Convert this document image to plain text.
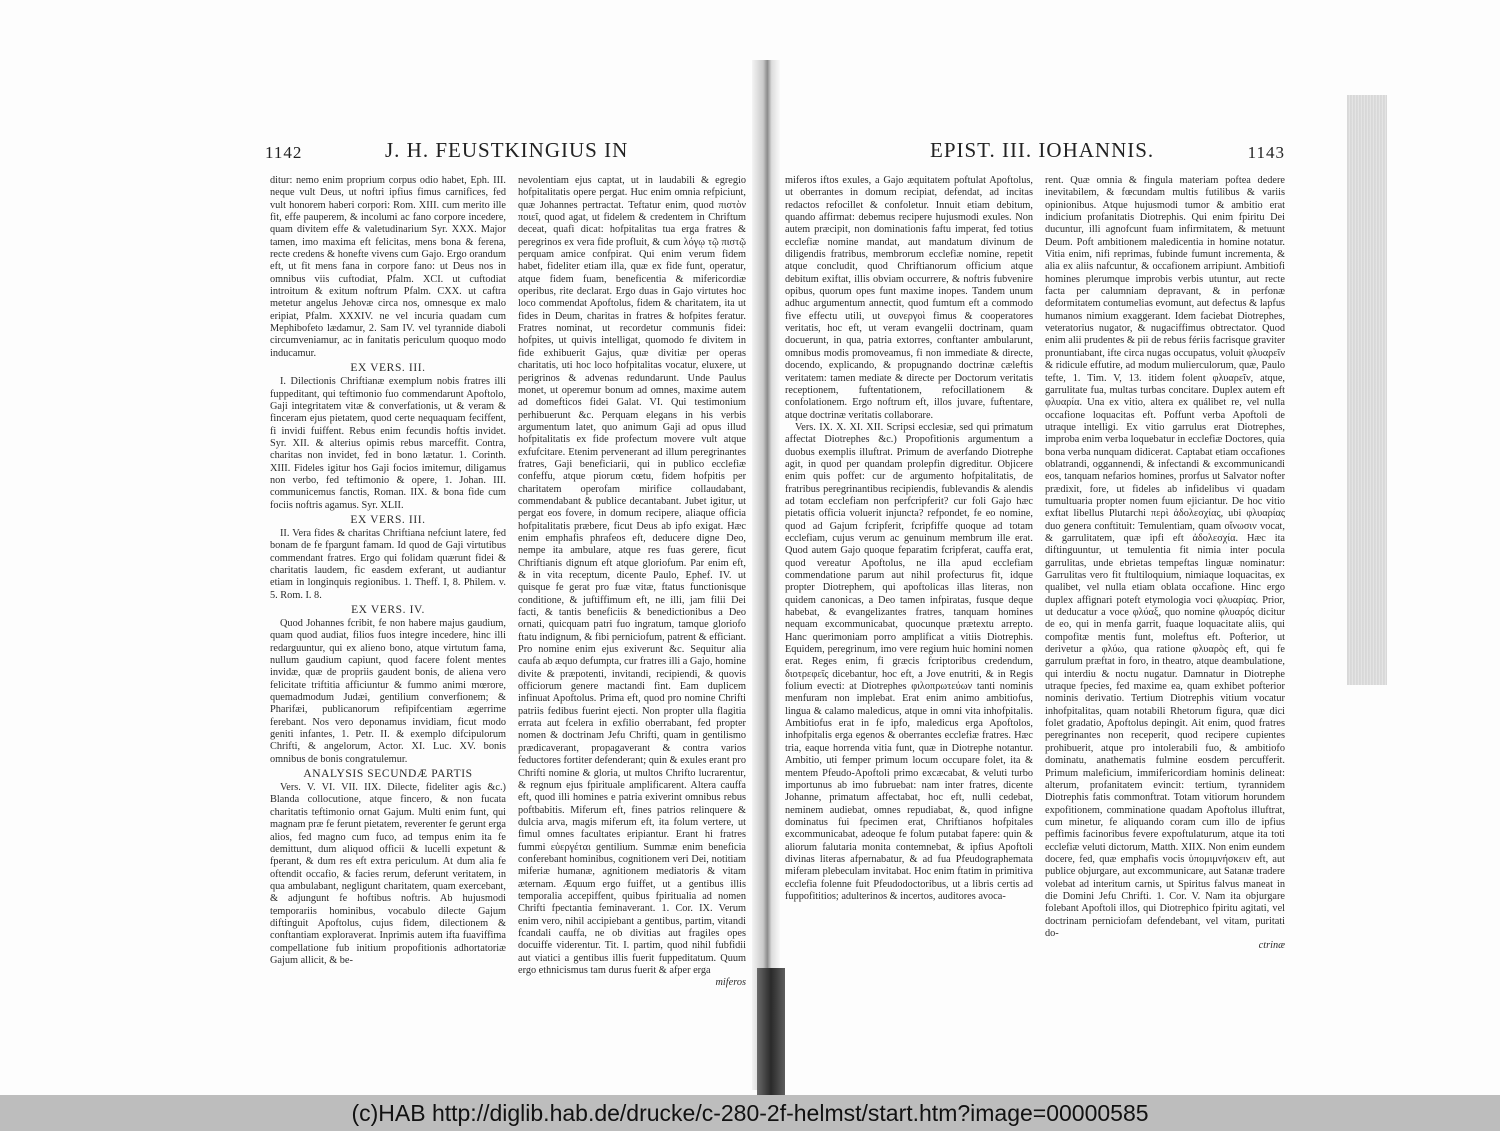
1142	J. H. FEUSTKINGIUS IN

ditur: nemo enim proprium corpus odio habet, Eph. III. neque vult Deus, ut noftri ipfius fimus carnifices, fed vult honorem haberi corpori: Rom. XIII. cum merito ille fit, effe pauperem, & incolumi ac fano corpore incedere, quam divitem effe & valetudinarium Syr. XXX. Major tamen, imo maxima eft felicitas, mens bona & ferena, recte credens & honefte vivens cum Gajo. Ergo orandum eft, ut fit mens fana in corpore fano: ut Deus nos in omnibus viis cuftodiat, Pfalm. XCI. ut cuftodiat introitum & exitum noftrum Pfalm. CXX. ut caftra metetur angelus Jehovæ circa nos, omnesque ex malo eripiat, Pfalm. XXXIV. ne vel incuria quadam cum Mephibofeto lædamur, 2. Sam IV. vel tyrannide diaboli circumveniamur, ac in fanitatis periculum quoquo modo inducamur.

EX VERS. III.

I. Dilectionis Chriftianæ exemplum nobis fratres illi fuppeditant, qui teftimonio fuo commendarunt Apoftolo, Gaji integritatem vitæ & converfationis, ut & veram & finceram ejus pietatem, quod certe nequaquam feciffent, fi invidi fuiffent. Rebus enim fecundis hoftis invidet. Syr. XII. & alterius opimis rebus marceffit. Contra, charitas non invidet, fed in bono lætatur. 1. Corinth. XIII. Fideles igitur hos Gaji focios imitemur, diligamus non verbo, fed teftimonio & opere, 1. Johan. III. communicemus fanctis, Roman. IIX. & bona fide cum fociis noftris agamus. Syr. XLII.

EX VERS. III.

II. Vera fides & charitas Chriftiana nefciunt latere, fed bonam de fe fpargunt famam. Id quod de Gaji virtutibus commendant fratres. Ergo qui folidam quærunt fidei & charitatis laudem, fic easdem exferant, ut audiantur etiam in longinquis regionibus. 1. Theff. I, 8. Philem. v. 5. Rom. I. 8.

EX VERS. IV.

Quod Johannes fcribit, fe non habere majus gaudium, quam quod audiat, filios fuos integre incedere, hinc illi redarguuntur, qui ex alieno bono, atque virtutum fama, nullum gaudium capiunt, quod facere folent mentes invidæ, quæ de propriis gaudent bonis, de aliena vero felicitate triftitia afficiuntur & fummo animi mœrore, quemadmodum Judæi, gentilium converfionem; & Pharifæi, publicanorum refipifcentiam ægerrime ferebant. Nos vero deponamus invidiam, ficut modo geniti infantes, 1. Petr. II. & exemplo difcipulorum Chrifti, & angelorum, Actor. XI. Luc. XV. bonis omnibus de bonis congratulemur.

ANALYSIS SECUNDÆ PARTIS

Vers. V. VI. VII. IIX. Dilecte, fideliter agis &c.) Blanda collocutione, atque fincero, & non fucata charitatis teftimonio ornat Gajum. Multi enim funt, qui magnam præ fe ferunt pietatem, reverenter fe gerunt erga alios, fed magno cum fuco, ad tempus enim ita fe demittunt, dum aliquod officii & lucelli expetunt & fperant, & dum res eft extra periculum. At dum alia fe oftendit occafio, & facies rerum, deferunt veritatem, in qua ambulabant, negligunt charitatem, quam exercebant, & adjungunt fe hoftibus noftris. Ab hujusmodi temporariis hominibus, vocabulo dilecte Gajum diftinguit Apoftolus, cujus fidem, dilectionem & conftantiam exploraverat. Inprimis autem ifta fuaviffima compellatione fub initium propofitionis adhortatoriæ Gajum allicit, & be-

nevolentiam ejus captat, ut in laudabili & egregio hofpitalitatis opere pergat. Huc enim omnia refpiciunt, quæ Johannes pertractat. Teftatur enim, quod πιστὸν ποιεῖ, quod agat, ut fidelem & credentem in Chriftum deceat, quafi dicat: hofpitalitas tua erga fratres & peregrinos ex vera fide profluit, & cum λόγῳ τῷ πιστῷ perquam amice confpirat. Qui enim verum fidem habet, fideliter etiam illa, quæ ex fide funt, operatur, atque fidem fuam, beneficentia & mifericordiæ operibus, rite declarat. Ergo duas in Gajo virtutes hoc loco commendat Apoftolus, fidem & charitatem, ita ut fides in Deum, charitas in fratres & hofpites feratur. Fratres nominat, ut recordetur communis fidei: hofpites, ut quivis intelligat, quomodo fe divitem in fide exhibuerit Gajus, quæ divitiæ per operas charitatis, uti hoc loco hofpitalitas vocatur, eluxere, ut perigrinos & advenas redundarunt. Unde Paulus monet, ut operemur bonum ad omnes, maxime autem ad domefticos fidei Galat. VI. Qui testimonium perhibuerunt &c. Perquam elegans in his verbis argumentum latet, quo animum Gaji ad opus illud hofpitalitatis ex fide profectum movere vult atque exfufcitare. Etenim pervenerant ad illum peregrinantes fratres, Gaji beneficiarii, qui in publico ecclefiæ confeffu, atque piorum cœtu, fidem hofpitis per charitatem operofam mirifice collaudabant, commendabant & publice decantabant. Jubet igitur, ut pergat eos fovere, in domum recipere, aliaque officia hofpitalitatis præbere, ficut Deus ab ipfo exigat. Hæc enim emphafis phrafeos eft, deducere digne Deo, nempe ita ambulare, atque res fuas gerere, ficut Chriftianis dignum eft atque gloriofum. Par enim eft, & in vita receptum, dicente Paulo, Ephef. IV. ut quisque fe gerat pro fuæ vitæ, ftatus functionisque conditione, & juftiffimum eft, ne illi, jam filii Dei facti, & tantis beneficiis & benedictionibus a Deo ornati, quicquam patri fuo ingratum, tamque gloriofo ftatu indignum, & fibi perniciofum, patrent & efficiant. Pro nomine enim ejus exiverunt &c. Sequitur alia caufa ab æquo defumpta, cur fratres illi a Gajo, homine divite & præpotenti, invitandi, recipiendi, & quovis officiorum genere mactandi fint. Eam duplicem infinuat Apoftolus. Prima eft, quod pro nomine Chrifti patriis fedibus fuerint ejecti. Non propter ulla flagitia errata aut fcelera in exfilio oberrabant, fed propter nomen & doctrinam Jefu Chrifti, quam in gentilismo prædicaverant, propagaverant & contra varios feductores fortiter defenderant; quin & exules erant pro Chrifti nomine & gloria, ut multos Chrifto lucrarentur, & regnum ejus fpirituale amplificarent. Altera cauffa eft, quod illi homines e patria exiverint omnibus rebus poftbabitis. Miferum eft, fines patrios relinquere & dulcia arva, magis miferum eft, ita folum vertere, ut fimul omnes facultates eripiantur. Erant hi fratres fummi εὐεργέται gentilium. Summæ enim beneficia conferebant hominibus, cognitionem veri Dei, notitiam miferiæ humanæ, agnitionem mediatoris & vitam æternam. Æquum ergo fuiffet, ut a gentibus illis temporalia accepiffent, quibus fpiritualia ad nomen Chrifti fpectantia feminaverant. 1. Cor. IX. Verum enim vero, nihil accipiebant a gentibus, partim, vitandi fcandali cauffa, ne ob divitias aut fragiles opes docuiffe viderentur. Tit. I. partim, quod nihil fubfidii aut viatici a gentibus illis fuerit fuppeditatum. Quum ergo ethnicismus tam durus fuerit & afper erga

miferos
EPIST. III. IOHANNIS.	1143

miferos iftos exules, a Gajo æquitatem poftulat Apoftolus, ut oberrantes in domum recipiat, defendat, ad incitas redactos refocillet & confoletur. Innuit etiam debitum, quando affirmat: debemus recipere hujusmodi exules. Non autem præcipit, non dominationis faftu imperat, fed totius ecclefiæ nomine mandat, aut mandatum divinum de diligendis fratribus, membrorum ecclefiæ nomine, repetit atque concludit, quod Chriftianorum officium atque debitum exiftat, illis obviam occurrere, & noftris fubvenire opibus, quorum opes funt maxime inopes. Tandem unum adhuc argumentum annectit, quod fumtum eft a commodo five effectu utili, ut συνεργοὶ fimus & cooperatores veritatis, hoc eft, ut veram evangelii doctrinam, quam docuerunt, in qua, patria extorres, conftanter ambularunt, omnibus modis promoveamus, fi non immediate & directe, docendo, explicando, & propugnando doctrinæ cæleftis veritatem: tamen mediate & directe per Doctorum veritatis receptionem, fuftentationem, refocillationem & confolationem. Ergo noftrum eft, illos juvare, fuftentare, atque doctrinæ veritatis collaborare.

Vers. IX. X. XI. XII. Scripsi ecclesiæ, sed qui primatum affectat Diotrephes &c.) Propofitionis argumentum a duobus exemplis illuftrat. Primum de averfando Diotrephe agit, in quod per quandam prolepfin digreditur. Objicere enim quis poffet: cur de argumento hofpitalitatis, de fratribus peregrinantibus recipiendis, fublevandis & alendis ad totam ecclefiam non perfcripferit? cur foli Gajo hæc pietatis officia voluerit injuncta? refpondet, fe eo nomine, quod ad Gajum fcripferit, fcripfiffe quoque ad totam ecclefiam, cujus verum ac genuinum membrum ille erat. Quod autem Gajo quoque feparatim fcripferat, cauffa erat, quod vereatur Apoftolus, ne illa apud ecclefiam commendatione parum aut nihil profecturus fit, idque propter Diotrephem, qui apoftolicas illas literas, non quidem canonicas, a Deo tamen infpiratas, fusque deque habebat, & evangelizantes fratres, tanquam homines nequam excommunicabat, quocunque prætextu arrepto. Hanc querimoniam porro amplificat a vitiis Diotrephis. Equidem, peregrinum, imo vere regium huic homini nomen erat. Reges enim, fi græcis fcriptoribus credendum, διοτρεφεῖς dicebantur, hoc eft, a Jove enutriti, & in Regis folium evecti: at Diotrephes φιλοπρωτεύων tanti nominis menfuram non implebat. Erat enim animo ambitiofus, lingua & calamo maledicus, atque in omni vita inhofpitalis. Ambitiofus erat in fe ipfo, maledicus erga Apoftolos, inhofpitalis erga egenos & oberrantes ecclefiæ fratres. Hæc tria, eaque horrenda vitia funt, quæ in Diotrephe notantur. Ambitio, uti femper primum locum occupare folet, ita & mentem Pfeudo-Apoftoli primo excæcabat, & veluti turbo importunus ab imo fubruebat: nam inter fratres, dicente Johanne, primatum affectabat, hoc eft, nulli cedebat, neminem audiebat, omnes repudiabat, &, quod infigne dominatus fui fpecimen erat, Chriftianos hofpitales excommunicabat, adeoque fe folum putabat fapere: quin & aliorum falutaria monita contemnebat, & ipfius Apoftoli divinas literas afpernabatur, & ad fua Pfeudographemata miferam plebeculam invitabat. Hoc enim ftatim in primitiva ecclefia folenne fuit Pfeudodoctoribus, ut a libris certis ad fuppofititios; adulterinos & incertos, auditores avoca-

rent. Quæ omnia & fingula materiam poftea dedere inevitabilem, & fœcundam multis futilibus & variis opinionibus. Atque hujusmodi tumor & ambitio erat indicium profanitatis Diotrephis. Qui enim fpiritu Dei ducuntur, illi agnofcunt fuam infirmitatem, & metuunt Deum. Poft ambitionem maledicentia in homine notatur. Vitia enim, nifi reprimas, fubinde fumunt incrementa, & alia ex aliis nafcuntur, & occafionem arripiunt. Ambitiofi homines plerumque improbis verbis utuntur, aut recte facta per calumniam depravant, & in perfonæ deformitatem contumelias evomunt, aut defectus & lapfus humanos nimium exaggerant. Idem faciebat Diotrephes, veteratorius nugator, & nugaciffimus obtrectator. Quod enim alii prudentes & pii de rebus fériis facrisque graviter pronuntiabant, ifte circa nugas occupatus, voluit φλυαρεῖν & ridicule effutire, ad modum mulierculorum, quæ, Paulo tefte, 1. Tim. V, 13. itidem folent φλυαρεῖν, atque, garrulitate fua, multas turbas concitare. Duplex autem eft φλυαρία. Una ex vitio, altera ex quálibet re, vel nulla occafione loquacitas eft. Poffunt verba Apoftoli de utraque intelligi. Ex vitio garrulus erat Diotrephes, improba enim verba loquebatur in ecclefiæ Doctores, quia bona verba nunquam didicerat. Captabat etiam occafiones oblatrandi, oggannendi, & infectandi & excommunicandi eos, tanquam nefarios homines, prorfus ut Salvator nofter prædixit, fore, ut fideles ab infidelibus vi quadam tumultuaria propter nomen fuum ejiciantur. De hoc vitio exftat libellus Plutarchi περὶ ἀδολεσχίας, ubi φλυαρίας duo genera conftituit: Temulentiam, quam οἴνωσιν vocat, & garrulitatem, quæ ipfi eft ἀδολεσχία. Hæc ita diftinguuntur, ut temulentia fit nimia inter pocula garrulitas, unde ebrietas tempeftas linguæ nominatur: Garrulitas vero fit ftultiloquium, nimiaque loquacitas, ex qualibet, vel nulla etiam oblata occafione. Hinc ergo duplex affignari poteft etymologia voci φλυαρίας. Prior, ut deducatur a voce φλύαξ, quo nomine φλυαρός dicitur de eo, qui in menfa garrit, fuaque loquacitate aliis, qui compofitæ mentis funt, moleftus eft. Pofterior, ut derivetur a φλύω, qua ratione φλυαρὸς eft, qui fe garrulum præftat in foro, in theatro, atque deambulatione, qui interdiu & noctu nugatur. Damnatur in Diotrephe utraque fpecies, fed maxime ea, quam exhibet pofterior nominis derivatio. Tertium Diotrephis vitium vocatur inhofpitalitas, quam notabili Rhetorum figura, quæ dici folet gradatio, Apoftolus depingit. Ait enim, quod fratres peregrinantes non receperit, quod recipere cupientes prohibuerit, atque pro intolerabili fuo, & ambitiofo dominatu, anathematis fulmine eosdem percufferit. Primum maleficium, immifericordiam hominis delineat: alterum, profanitatem evincit: tertium, tyrannidem Diotrephis fatis commonftrat. Totam vitiorum horundem expofitionem, comminatione quadam Apoftolus illuftrat, cum minetur, fe aliquando coram cum illo de ipfius peffimis facinoribus fevere expoftulaturum, atque ita toti ecclefiæ veluti dictorum, Matth. XIIX. Non enim eundem docere, fed, quæ emphafis vocis ὑπομιμνήσκειν eft, aut publice objurgare, aut excommunicare, aut Satanæ tradere volebat ad interitum carnis, ut Spiritus falvus maneat in die Domini Jefu Chrifti. 1. Cor. V. Nam ita objurgare folebant Apoftoli illos, qui Diotrephico fpiritu agitati, vel doctrinam perniciofam defendebant, vel vitam, puritati do-

ctrinæ
(c)HAB http://diglib.hab.de/drucke/c-280-2f-helmst/start.htm?image=00000585
